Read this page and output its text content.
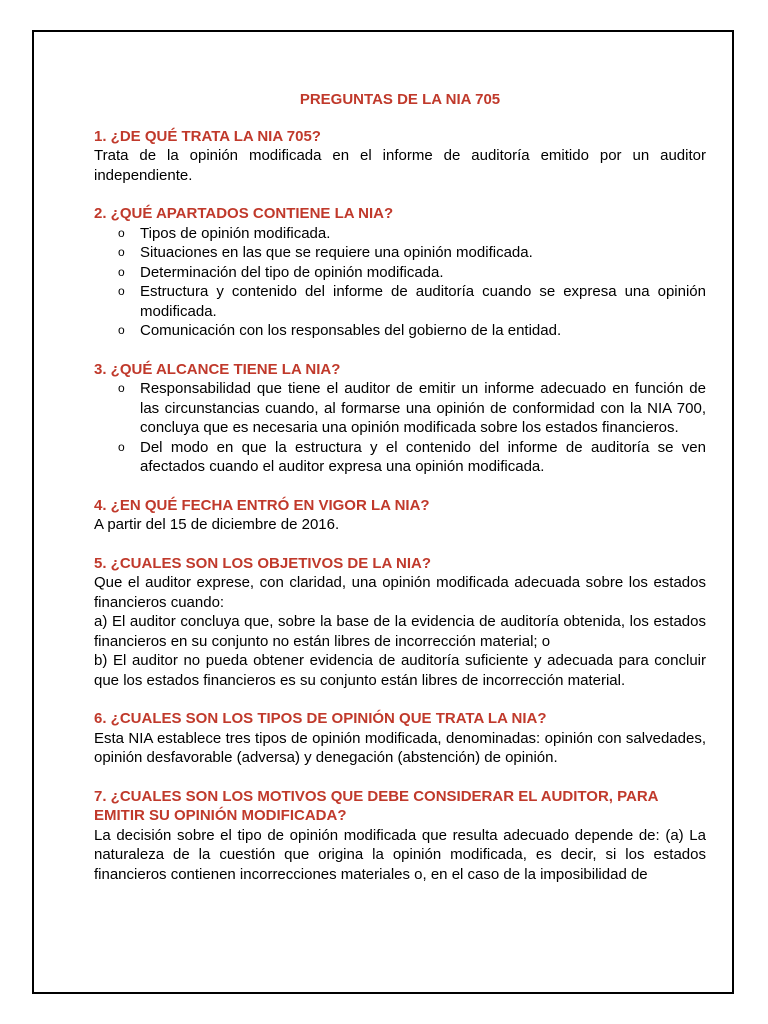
PREGUNTAS DE LA NIA 705

1. ¿DE QUÉ TRATA LA NIA 705?

Trata de la opinión modificada en el informe de auditoría emitido por un auditor independiente.

2. ¿QUÉ APARTADOS CONTIENE LA NIA?

o Tipos de opinión modificada.
o Situaciones en las que se requiere una opinión modificada.
o Determinación del tipo de opinión modificada.
o Estructura y contenido del informe de auditoría cuando se expresa una opinión modificada.
o Comunicación con los responsables del gobierno de la entidad.

3. ¿QUÉ ALCANCE TIENE LA NIA?

o Responsabilidad que tiene el auditor de emitir un informe adecuado en función de las circunstancias cuando, al formarse una opinión de conformidad con la NIA 700, concluya que es necesaria una opinión modificada sobre los estados financieros.
o Del modo en que la estructura y el contenido del informe de auditoría se ven afectados cuando el auditor expresa una opinión modificada.

4. ¿EN QUÉ FECHA ENTRÓ EN VIGOR LA NIA?

A partir del 15 de diciembre de 2016.

5. ¿CUALES SON LOS OBJETIVOS DE LA NIA?

Que el auditor exprese, con claridad, una opinión modificada adecuada sobre los estados financieros cuando:

a) El auditor concluya que, sobre la base de la evidencia de auditoría obtenida, los estados financieros en su conjunto no están libres de incorrección material; o

b) El auditor no pueda obtener evidencia de auditoría suficiente y adecuada para concluir que los estados financieros es su conjunto están libres de incorrección material.

6. ¿CUALES SON LOS TIPOS DE OPINIÓN QUE TRATA LA NIA?

Esta NIA establece tres tipos de opinión modificada, denominadas: opinión con salvedades, opinión desfavorable (adversa) y denegación (abstención) de opinión.

7. ¿CUALES SON LOS MOTIVOS QUE DEBE CONSIDERAR EL AUDITOR, PARA EMITIR SU OPINIÓN MODIFICADA?

La decisión sobre el tipo de opinión modificada que resulta adecuado depende de: (a) La naturaleza de la cuestión que origina la opinión modificada, es decir, si los estados financieros contienen incorrecciones materiales o, en el caso de la imposibilidad de
